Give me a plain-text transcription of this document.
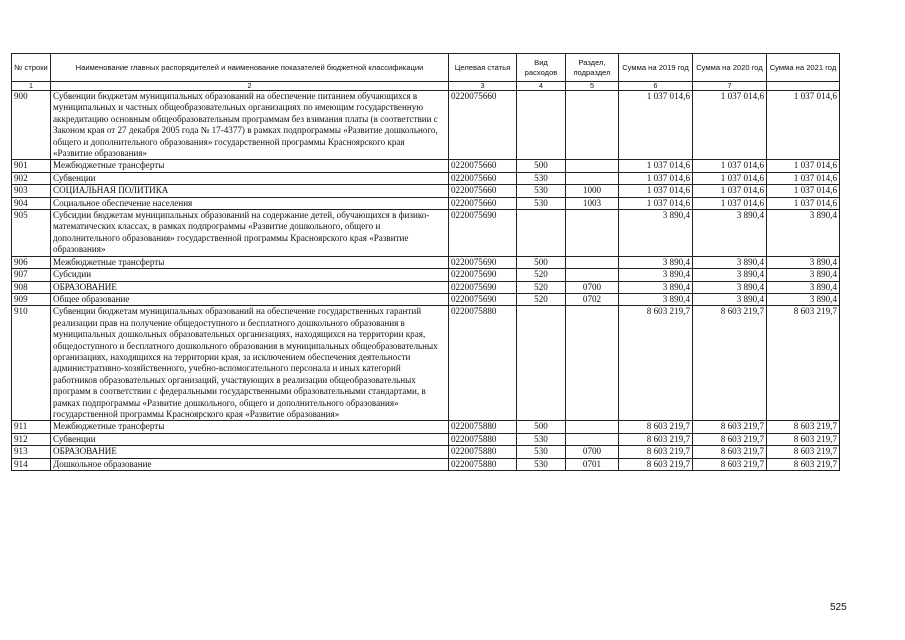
№ строки	Наименование главных распорядителей и наименование показателей бюджетной классификации	Целевая статья	Вид расходов	Раздел, подраздел	Сумма на 2019 год	Сумма на 2020 год	Сумма на 2021 год
1	2	3	4	5	6	7	
900	Субвенции бюджетам муниципальных образований на обеспечение питанием обучающихся в муниципальных и частных общеобразовательных организациях по имеющим государственную аккредитацию основным общеобразовательным программам без взимания платы (в соответствии с Законом края от 27 декабря 2005 года № 17-4377) в рамках подпрограммы «Развитие дошкольного, общего и дополнительного образования» государственной программы Красноярского края «Развитие образования»	0220075660			1 037 014,6	1 037 014,6	1 037 014,6
901	Межбюджетные трансферты	0220075660	500		1 037 014,6	1 037 014,6	1 037 014,6
902	Субвенции	0220075660	530		1 037 014,6	1 037 014,6	1 037 014,6
903	СОЦИАЛЬНАЯ ПОЛИТИКА	0220075660	530	1000	1 037 014,6	1 037 014,6	1 037 014,6
904	Социальное обеспечение населения	0220075660	530	1003	1 037 014,6	1 037 014,6	1 037 014,6
905	Субсидии бюджетам муниципальных образований на содержание детей, обучающихся в физико-математических классах, в рамках подпрограммы «Развитие дошкольного, общего и дополнительного образования» государственной программы Красноярского края «Развитие образования»	0220075690			3 890,4	3 890,4	3 890,4
906	Межбюджетные трансферты	0220075690	500		3 890,4	3 890,4	3 890,4
907	Субсидии	0220075690	520		3 890,4	3 890,4	3 890,4
908	ОБРАЗОВАНИЕ	0220075690	520	0700	3 890,4	3 890,4	3 890,4
909	Общее образование	0220075690	520	0702	3 890,4	3 890,4	3 890,4
910	Субвенции бюджетам муниципальных образований на обеспечение государственных гарантий реализации прав на получение общедоступного и бесплатного дошкольного образования в муниципальных дошкольных образовательных организациях, находящихся на территории края, общедоступного и бесплатного дошкольного образования в муниципальных общеобразовательных организациях, находящихся на территории края, за исключением обеспечения деятельности административно-хозяйственного, учебно-вспомогательного персонала и иных категорий работников образовательных организаций, участвующих в реализации общеобразовательных программ в соответствии с федеральными государственными образовательными стандартами, в рамках подпрограммы «Развитие дошкольного, общего и дополнительного образования» государственной программы Красноярского края «Развитие образования»	0220075880			8 603 219,7	8 603 219,7	8 603 219,7
911	Межбюджетные трансферты	0220075880	500		8 603 219,7	8 603 219,7	8 603 219,7
912	Субвенции	0220075880	530		8 603 219,7	8 603 219,7	8 603 219,7
913	ОБРАЗОВАНИЕ	0220075880	530	0700	8 603 219,7	8 603 219,7	8 603 219,7
914	Дошкольное образование	0220075880	530	0701	8 603 219,7	8 603 219,7	8 603 219,7
525
